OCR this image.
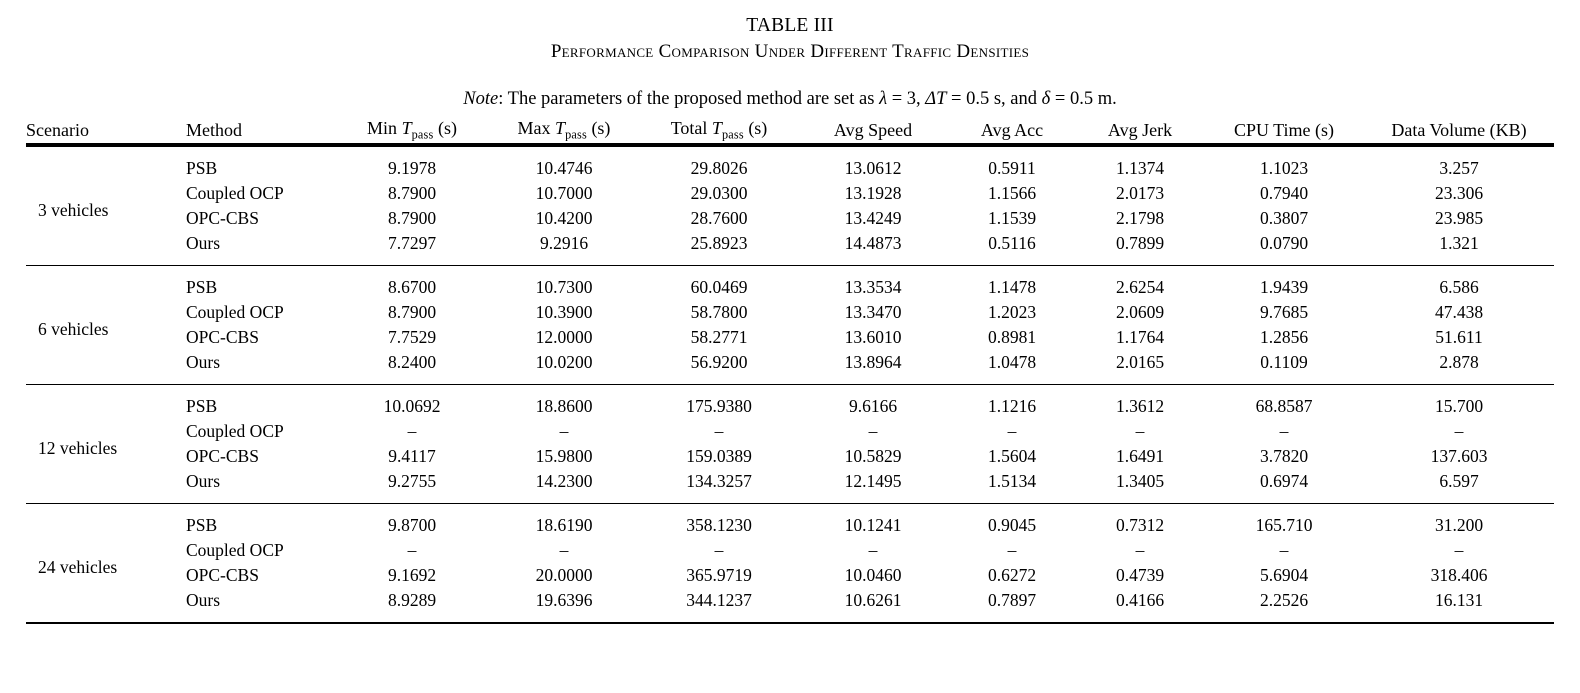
TABLE III
Performance Comparison Under Different Traffic Densities
Note: The parameters of the proposed method are set as λ = 3, ΔT = 0.5 s, and δ = 0.5 m.

Scenario	Method	Min $T_{pass}$ (s)	Max $T_{pass}$ (s)	Total $T_{pass}$ (s)	Avg Speed	Avg Acc	Avg Jerk	CPU Time (s)	Data Volume (KB)

3 vehicles	PSB	9.1978	10.4746	29.8026	13.0612	0.5911	1.1374	1.1023	3.257
	Coupled OCP	8.7900	10.7000	29.0300	13.1928	1.1566	2.0173	0.7940	23.306
	OPC-CBS	8.7900	10.4200	28.7600	13.4249	1.1539	2.1798	0.3807	23.985
	Ours	7.7297	9.2916	25.8923	14.4873	0.5116	0.7899	0.0790	1.321

6 vehicles	PSB	8.6700	10.7300	60.0469	13.3534	1.1478	2.6254	1.9439	6.586
	Coupled OCP	8.7900	10.3900	58.7800	13.3470	1.2023	2.0609	9.7685	47.438
	OPC-CBS	7.7529	12.0000	58.2771	13.6010	0.8981	1.1764	1.2856	51.611
	Ours	8.2400	10.0200	56.9200	13.8964	1.0478	2.0165	0.1109	2.878

12 vehicles	PSB	10.0692	18.8600	175.9380	9.6166	1.1216	1.3612	68.8587	15.700
	Coupled OCP	–	–	–	–	–	–	–	–
	OPC-CBS	9.4117	15.9800	159.0389	10.5829	1.5604	1.6491	3.7820	137.603
	Ours	9.2755	14.2300	134.3257	12.1495	1.5134	1.3405	0.6974	6.597

24 vehicles	PSB	9.8700	18.6190	358.1230	10.1241	0.9045	0.7312	165.710	31.200
	Coupled OCP	–	–	–	–	–	–	–	–
	OPC-CBS	9.1692	20.0000	365.9719	10.0460	0.6272	0.4739	5.6904	318.406
	Ours	8.9289	19.6396	344.1237	10.6261	0.7897	0.4166	2.2526	16.131
